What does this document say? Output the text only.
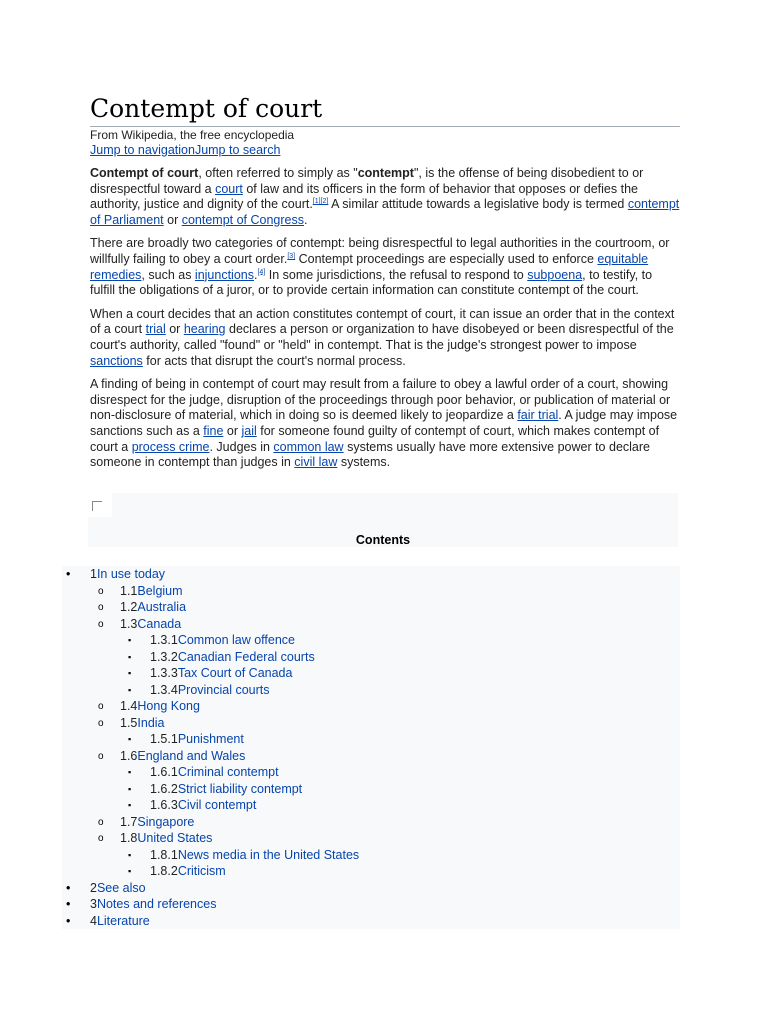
Contempt of court
From Wikipedia, the free encyclopedia
Jump to navigationJump to search

Contempt of court, often referred to simply as "contempt", is the offense of being disobedient to or disrespectful toward a court of law and its officers in the form of behavior that opposes or defies the authority, justice and dignity of the court.[1][2] A similar attitude towards a legislative body is termed contempt of Parliament or contempt of Congress.

There are broadly two categories of contempt: being disrespectful to legal authorities in the courtroom, or willfully failing to obey a court order.[3] Contempt proceedings are especially used to enforce equitable remedies, such as injunctions.[4] In some jurisdictions, the refusal to respond to subpoena, to testify, to fulfill the obligations of a juror, or to provide certain information can constitute contempt of the court.

When a court decides that an action constitutes contempt of court, it can issue an order that in the context of a court trial or hearing declares a person or organization to have disobeyed or been disrespectful of the court's authority, called "found" or "held" in contempt. That is the judge's strongest power to impose sanctions for acts that disrupt the court's normal process.

A finding of being in contempt of court may result from a failure to obey a lawful order of a court, showing disrespect for the judge, disruption of the proceedings through poor behavior, or publication of material or non-disclosure of material, which in doing so is deemed likely to jeopardize a fair trial. A judge may impose sanctions such as a fine or jail for someone found guilty of contempt of court, which makes contempt of court a process crime. Judges in common law systems usually have more extensive power to declare someone in contempt than judges in civil law systems.

Contents
• 1In use today
o 1.1Belgium
o 1.2Australia
o 1.3Canada
▪ 1.3.1Common law offence
▪ 1.3.2Canadian Federal courts
▪ 1.3.3Tax Court of Canada
▪ 1.3.4Provincial courts
o 1.4Hong Kong
o 1.5India
▪ 1.5.1Punishment
o 1.6England and Wales
▪ 1.6.1Criminal contempt
▪ 1.6.2Strict liability contempt
▪ 1.6.3Civil contempt
o 1.7Singapore
o 1.8United States
▪ 1.8.1News media in the United States
▪ 1.8.2Criticism
• 2See also
• 3Notes and references
• 4Literature
